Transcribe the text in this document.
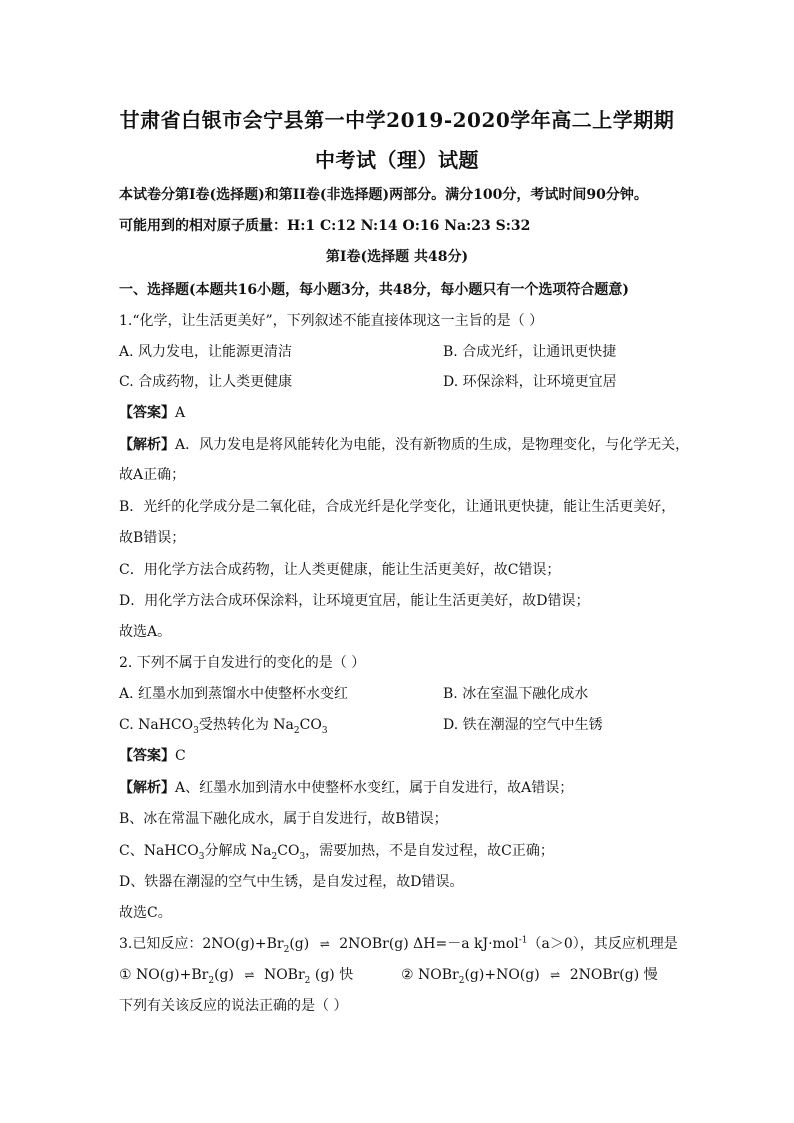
甘肃省白银市会宁县第一中学2019-2020学年高二上学期期
中考试（理）试题
本试卷分第I卷(选择题)和第II卷(非选择题)两部分。满分100分，考试时间90分钟。
可能用到的相对原子质量：H:1 C:12 N:14 O:16 Na:23 S:32
第I卷(选择题 共48分)
一、选择题(本题共16小题，每小题3分，共48分，每小题只有一个选项符合题意)
1.“化学，让生活更美好”，下列叙述不能直接体现这一主旨的是（ ）
A. 风力发电，让能源更清洁	B. 合成光纤，让通讯更快捷
C. 合成药物，让人类更健康	D. 环保涂料，让环境更宜居
【答案】A
【解析】A．风力发电是将风能转化为电能，没有新物质的生成，是物理变化，与化学无关，
故A正确；
B．光纤的化学成分是二氧化硅，合成光纤是化学变化，让通讯更快捷，能让生活更美好，
故B错误；
C．用化学方法合成药物，让人类更健康，能让生活更美好，故C错误；
D．用化学方法合成环保涂料，让环境更宜居，能让生活更美好，故D错误；
故选A。
2. 下列不属于自发进行的变化的是（ ）
A. 红墨水加到蒸馏水中使整杯水变红	B. 冰在室温下融化成水
C. NaHCO$_3$受热转化为 $Na_2CO_3$	D. 铁在潮湿的空气中生锈
【答案】C
【解析】A、红墨水加到清水中使整杯水变红，属于自发进行，故A错误；
B、冰在常温下融化成水，属于自发进行，故B错误；
C、NaHCO$_3$分解成 $Na_2CO_3$，需要加热，不是自发过程，故C正确；
D、铁器在潮湿的空气中生锈，是自发过程，故D错误。
故选C。
3.已知反应：$2NO(g)+Br_2(g)$ ⇌ 2NOBr(g) ΔH=－a kJ·mol$^{-1}$（a＞0），其反应机理是
① $NO(g)+Br_2(g)$ ⇌ NOBr$_2$ (g) 快	② NOBr$_2$(g)+NO(g) ⇌ 2NOBr(g) 慢
下列有关该反应的说法正确的是（ ）
